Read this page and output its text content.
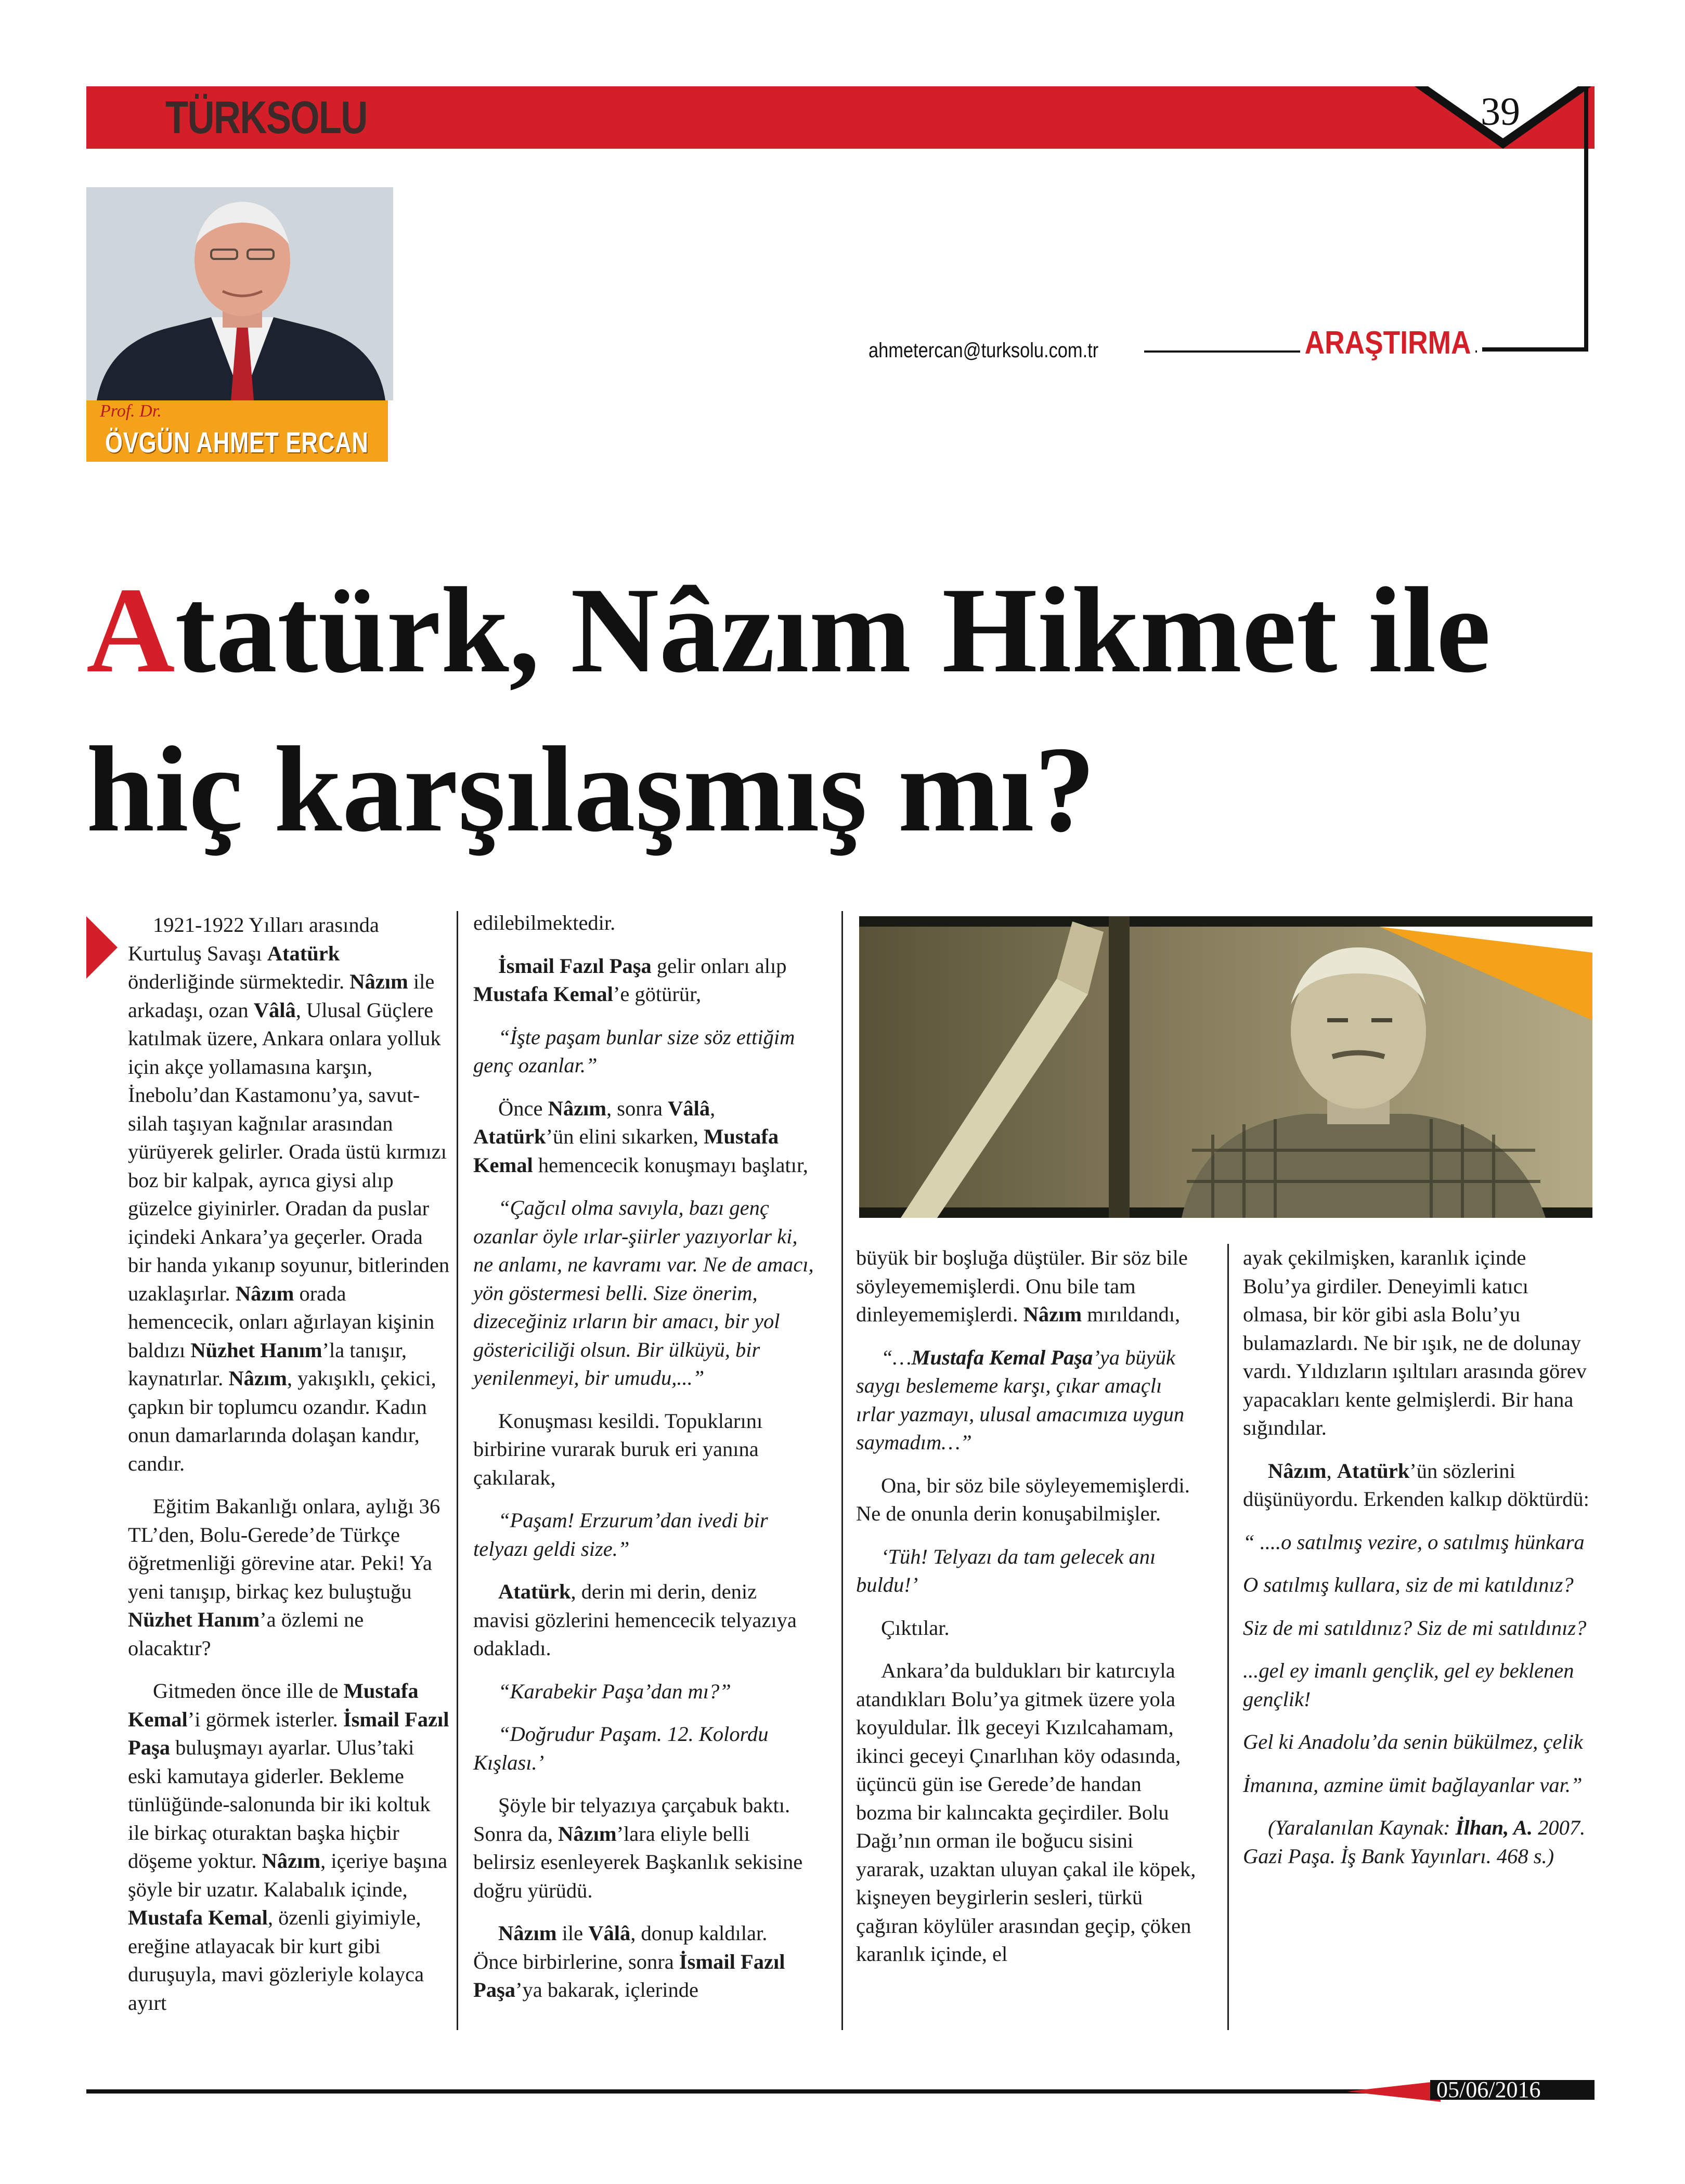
TÜRKSOLU	39
ahmetercan@turksolu.com.tr	ARAŞTIRMA
Prof. Dr.
ÖVGÜN AHMET ERCAN
Atatürk, Nâzım Hikmet ile
hiç karşılaşmış mı?

1921-1922 Yılları arasında Kurtuluş Savaşı Atatürk önderliğinde sürmektedir. Nâzım ile arkadaşı, ozan Vâlâ, Ulusal Güçlere katılmak üzere, Ankara onlara yolluk için akçe yollamasına karşın, İnebolu’dan Kastamonu’ya, savut-silah taşıyan kağnılar arasından yürüyerek gelirler. Orada üstü kırmızı boz bir kalpak, ayrıca giysi alıp güzelce giyinirler. Oradan da puslar içindeki Ankara’ya geçerler. Orada bir handa yıkanıp soyunur, bitlerinden uzaklaşırlar. Nâzım orada hemencecik, onları ağırlayan kişinin baldızı Nüzhet Hanım’la tanışır, kaynatırlar. Nâzım, yakışıklı, çekici, çapkın bir toplumcu ozandır. Kadın onun damarlarında dolaşan kandır, candır.

Eğitim Bakanlığı onlara, aylığı 36 TL’den, Bolu-Gerede’de Türkçe öğretmenliği görevine atar. Peki! Ya yeni tanışıp, birkaç kez buluştuğu Nüzhet Hanım’a özlemi ne olacaktır?

Gitmeden önce ille de Mustafa Kemal’i görmek isterler. İsmail Fazıl Paşa buluşmayı ayarlar. Ulus’taki eski kamutaya giderler. Bekleme tünlüğünde-salonunda bir iki koltuk ile birkaç oturaktan başka hiçbir döşeme yoktur. Nâzım, içeriye başına şöyle bir uzatır. Kalabalık içinde, Mustafa Kemal, özenli giyimiyle, ereğine atlayacak bir kurt gibi duruşuyla, mavi gözleriyle kolayca ayırt

edilebilmektedir.

İsmail Fazıl Paşa gelir onları alıp Mustafa Kemal’e götürür,

“İşte paşam bunlar size söz ettiğim genç ozanlar.”

Önce Nâzım, sonra Vâlâ, Atatürk’ün elini sıkarken, Mustafa Kemal hemencecik konuşmayı başlatır,

“Çağcıl olma savıyla, bazı genç ozanlar öyle ırlar-şiirler yazıyorlar ki, ne anlamı, ne kavramı var. Ne de amacı, yön göstermesi belli. Size önerim, dizeceğiniz ırların bir amacı, bir yol göstericiliği olsun. Bir ülküyü, bir yenilenmeyi, bir umudu,...”

Konuşması kesildi. Topuklarını birbirine vurarak buruk eri yanına çakılarak,

“Paşam! Erzurum’dan ivedi bir telyazı geldi size.”

Atatürk, derin mi derin, deniz mavisi gözlerini hemencecik telyazıya odakladı.

“Karabekir Paşa’dan mı?”

“Doğrudur Paşam. 12. Kolordu Kışlası.’

Şöyle bir telyazıya çarçabuk baktı. Sonra da, Nâzım’lara eliyle belli belirsiz esenleyerek Başkanlık sekisine doğru yürüdü.

Nâzım ile Vâlâ, donup kaldılar. Önce birbirlerine, sonra İsmail Fazıl Paşa’ya bakarak, içlerinde

büyük bir boşluğa düştüler. Bir söz bile söyleyememişlerdi. Onu bile tam dinleyememişlerdi. Nâzım mırıldandı,

“…Mustafa Kemal Paşa’ya büyük saygı beslememe karşı, çıkar amaçlı ırlar yazmayı, ulusal amacımıza uygun saymadım…”

Ona, bir söz bile söyleyememişlerdi. Ne de onunla derin konuşabilmişler.

‘Tüh! Telyazı da tam gelecek anı buldu!’

Çıktılar.

Ankara’da buldukları bir katırcıyla atandıkları Bolu’ya gitmek üzere yola koyuldular. İlk geceyi Kızılcahamam, ikinci geceyi Çınarlıhan köy odasında, üçüncü gün ise Gerede’de handan bozma bir kalıncakta geçirdiler. Bolu Dağı’nın orman ile boğucu sisini yararak, uzaktan uluyan çakal ile köpek, kişneyen beygirlerin sesleri, türkü çağıran köylüler arasından geçip, çöken karanlık içinde, el

ayak çekilmişken, karanlık içinde Bolu’ya girdiler. Deneyimli katıcı olmasa, bir kör gibi asla Bolu’yu bulamazlardı. Ne bir ışık, ne de dolunay vardı. Yıldızların ışıltıları arasında görev yapacakları kente gelmişlerdi. Bir hana sığındılar.

Nâzım, Atatürk’ün sözlerini düşünüyordu. Erkenden kalkıp döktürdü:

“ ....o satılmış vezire, o satılmış hünkara

O satılmış kullara, siz de mi katıldınız?

Siz de mi satıldınız? Siz de mi satıldınız?

...gel ey imanlı gençlik, gel ey beklenen gençlik!

Gel ki Anadolu’da senin bükülmez, çelik

İmanına, azmine ümit bağlayanlar var.”

(Yaralanılan Kaynak: İlhan, A. 2007. Gazi Paşa. İş Bank Yayınları. 468 s.)

05/06/2016
